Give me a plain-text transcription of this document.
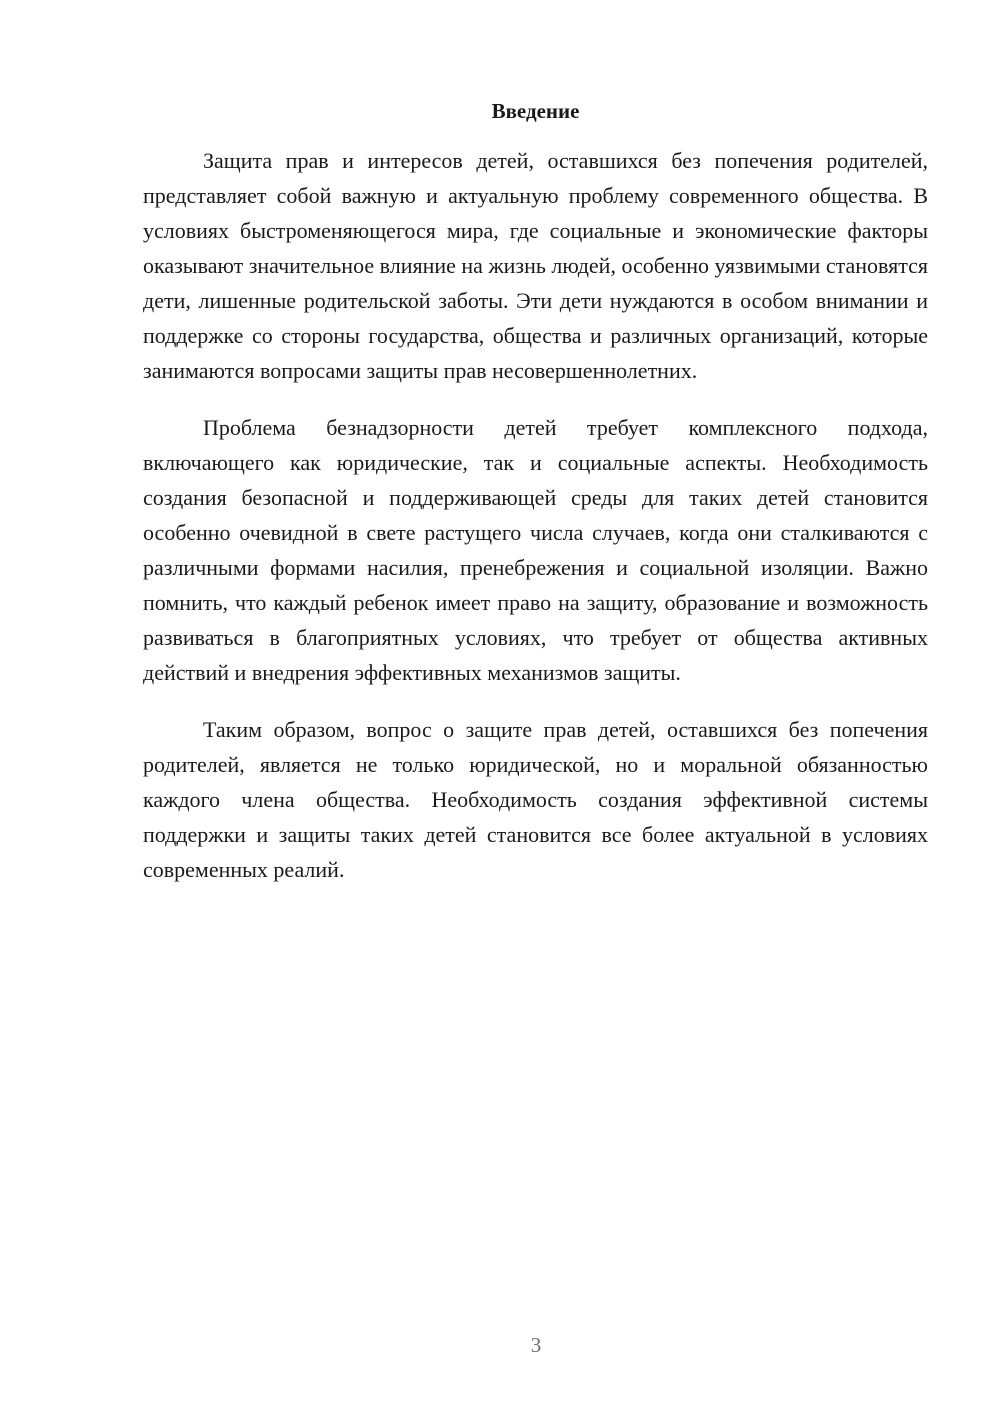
Введение

Защита прав и интересов детей, оставшихся без попечения родителей, представляет собой важную и актуальную проблему современного общества. В условиях быстроменяющегося мира, где социальные и экономические факторы оказывают значительное влияние на жизнь людей, особенно уязвимыми становятся дети, лишенные родительской заботы. Эти дети нуждаются в особом внимании и поддержке со стороны государства, общества и различных организаций, которые занимаются вопросами защиты прав несовершеннолетних.

Проблема безнадзорности детей требует комплексного подхода, включающего как юридические, так и социальные аспекты. Необходимость создания безопасной и поддерживающей среды для таких детей становится особенно очевидной в свете растущего числа случаев, когда они сталкиваются с различными формами насилия, пренебрежения и социальной изоляции. Важно помнить, что каждый ребенок имеет право на защиту, образование и возможность развиваться в благоприятных условиях, что требует от общества активных действий и внедрения эффективных механизмов защиты.

Таким образом, вопрос о защите прав детей, оставшихся без попечения родителей, является не только юридической, но и моральной обязанностью каждого члена общества. Необходимость создания эффективной системы поддержки и защиты таких детей становится все более актуальной в условиях современных реалий.

3
